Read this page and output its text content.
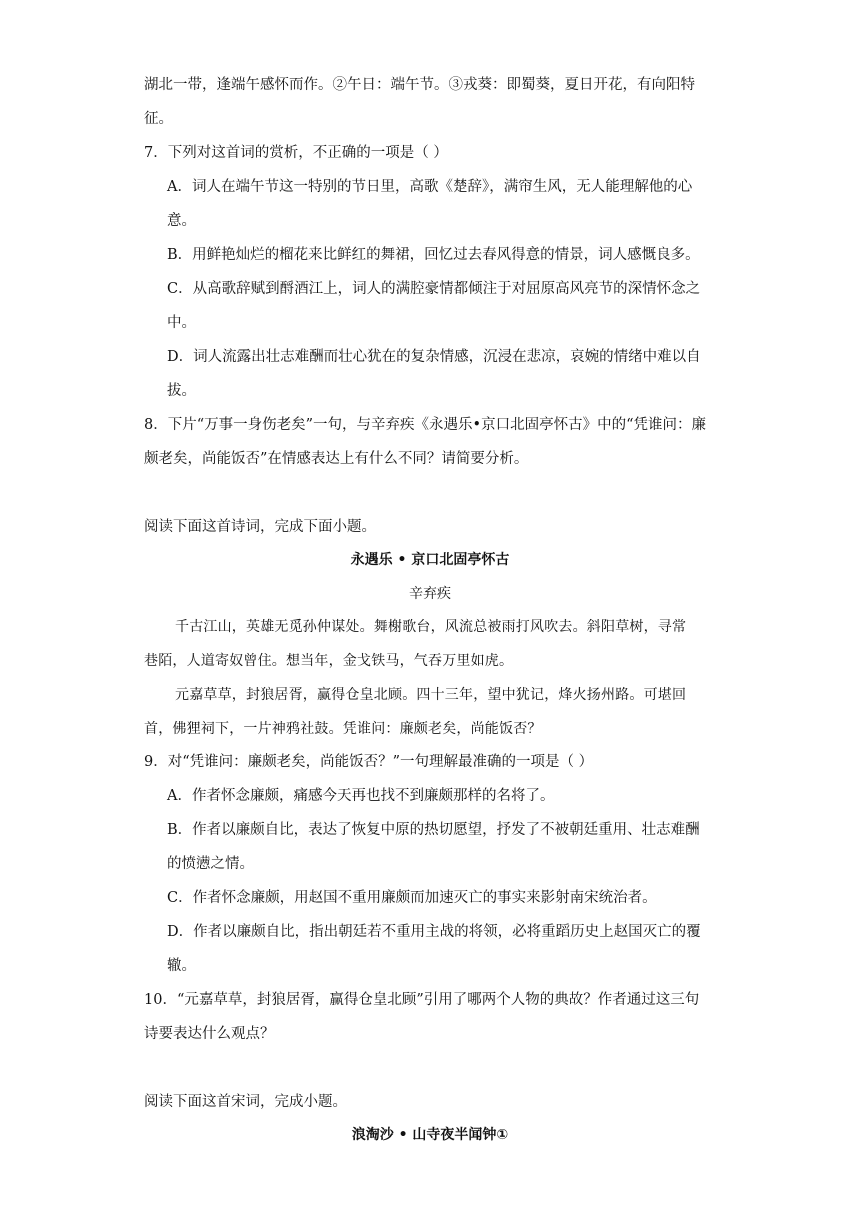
湖北一带，逢端午感怀而作。②午日：端午节。③戎葵：即蜀葵，夏日开花，有向阳特
征。
7．下列对这首词的赏析，不正确的一项是（ ）
A．词人在端午节这一特别的节日里，高歌《楚辞》，满帘生风，无人能理解他的心
意。
B．用鲜艳灿烂的榴花来比鲜红的舞裙，回忆过去春风得意的情景，词人感慨良多。
C．从高歌辞赋到酹酒江上，词人的满腔豪情都倾注于对屈原高风亮节的深情怀念之
中。
D．词人流露出壮志难酬而壮心犹在的复杂情感，沉浸在悲凉，哀婉的情绪中难以自
拔。
8．下片“万事一身伤老矣”一句，与辛弃疾《永遇乐•京口北固亭怀古》中的“凭谁问：廉
颇老矣，尚能饭否”在情感表达上有什么不同？请简要分析。
阅读下面这首诗词，完成下面小题。
永遇乐 • 京口北固亭怀古
辛弃疾
千古江山，英雄无觅孙仲谋处。舞榭歌台，风流总被雨打风吹去。斜阳草树，寻常
巷陌，人道寄奴曾住。想当年，金戈铁马，气吞万里如虎。
元嘉草草，封狼居胥，赢得仓皇北顾。四十三年，望中犹记，烽火扬州路。可堪回
首，佛狸祠下，一片神鸦社鼓。凭谁问：廉颇老矣，尚能饭否？
9．对“凭谁问：廉颇老矣，尚能饭否？”一句理解最准确的一项是（ ）
A．作者怀念廉颇，痛感今天再也找不到廉颇那样的名将了。
B．作者以廉颇自比，表达了恢复中原的热切愿望，抒发了不被朝廷重用、壮志难酬
的愤懑之情。
C．作者怀念廉颇，用赵国不重用廉颇而加速灭亡的事实来影射南宋统治者。
D．作者以廉颇自比，指出朝廷若不重用主战的将领，必将重蹈历史上赵国灭亡的覆
辙。
10．“元嘉草草，封狼居胥，赢得仓皇北顾”引用了哪两个人物的典故？作者通过这三句
诗要表达什么观点？
阅读下面这首宋词，完成小题。
浪淘沙 • 山寺夜半闻钟①
